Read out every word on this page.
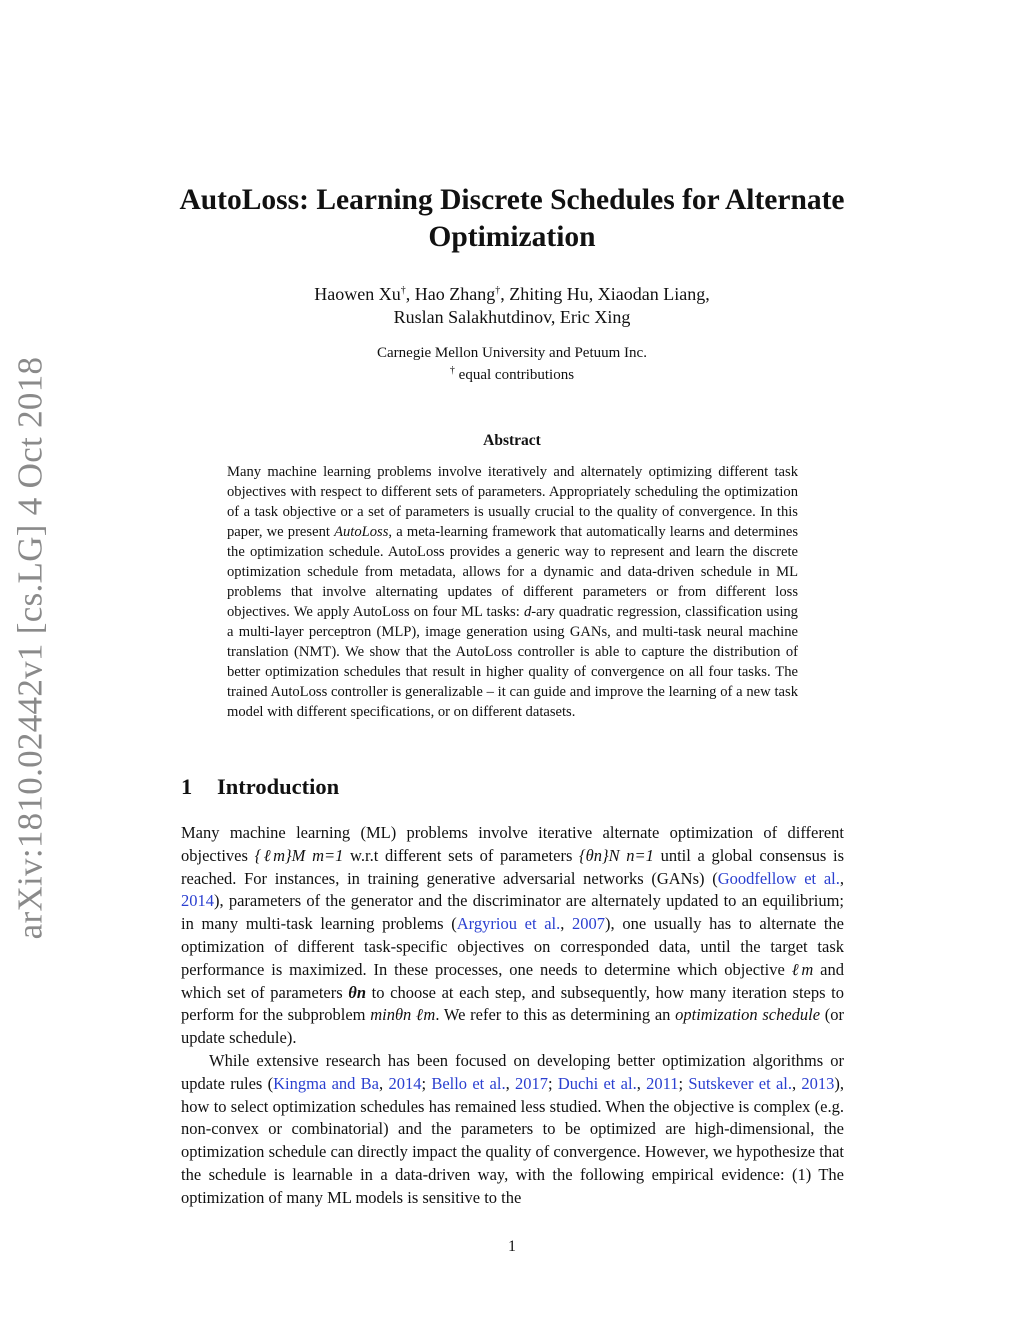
arXiv:1810.02442v1 [cs.LG] 4 Oct 2018
AutoLoss: Learning Discrete Schedules for Alternate Optimization
Haowen Xu†, Hao Zhang†, Zhiting Hu, Xiaodan Liang,
Ruslan Salakhutdinov, Eric Xing
Carnegie Mellon University and Petuum Inc.
† equal contributions
Abstract

Many machine learning problems involve iteratively and alternately optimizing different task objectives with respect to different sets of parameters. Appropriately scheduling the optimization of a task objective or a set of parameters is usually crucial to the quality of convergence. In this paper, we present AutoLoss, a meta-learning framework that automatically learns and determines the optimization schedule. AutoLoss provides a generic way to represent and learn the discrete optimization schedule from metadata, allows for a dynamic and data-driven schedule in ML problems that involve alternating updates of different parameters or from different loss objectives. We apply AutoLoss on four ML tasks: d-ary quadratic regression, classification using a multi-layer perceptron (MLP), image generation using GANs, and multi-task neural machine translation (NMT). We show that the AutoLoss controller is able to capture the distribution of better optimization schedules that result in higher quality of convergence on all four tasks. The trained AutoLoss controller is generalizable – it can guide and improve the learning of a new task model with different specifications, or on different datasets.

1 Introduction

Many machine learning (ML) problems involve iterative alternate optimization of different objectives {ℓm}M m=1 w.r.t different sets of parameters {θn}N n=1 until a global consensus is reached. For instances, in training generative adversarial networks (GANs) (Goodfellow et al., 2014), parameters of the generator and the discriminator are alternately updated to an equilibrium; in many multi-task learning problems (Argyriou et al., 2007), one usually has to alternate the optimization of different task-specific objectives on corresponded data, until the target task performance is maximized. In these processes, one needs to determine which objective ℓm and which set of parameters θn to choose at each step, and subsequently, how many iteration steps to perform for the subproblem minθn ℓm. We refer to this as determining an optimization schedule (or update schedule).

While extensive research has been focused on developing better optimization algorithms or update rules (Kingma and Ba, 2014; Bello et al., 2017; Duchi et al., 2011; Sutskever et al., 2013), how to select optimization schedules has remained less studied. When the objective is complex (e.g. non-convex or combinatorial) and the parameters to be optimized are high-dimensional, the optimization schedule can directly impact the quality of convergence. However, we hypothesize that the schedule is learnable in a data-driven way, with the following empirical evidence: (1) The optimization of many ML models is sensitive to the

1
